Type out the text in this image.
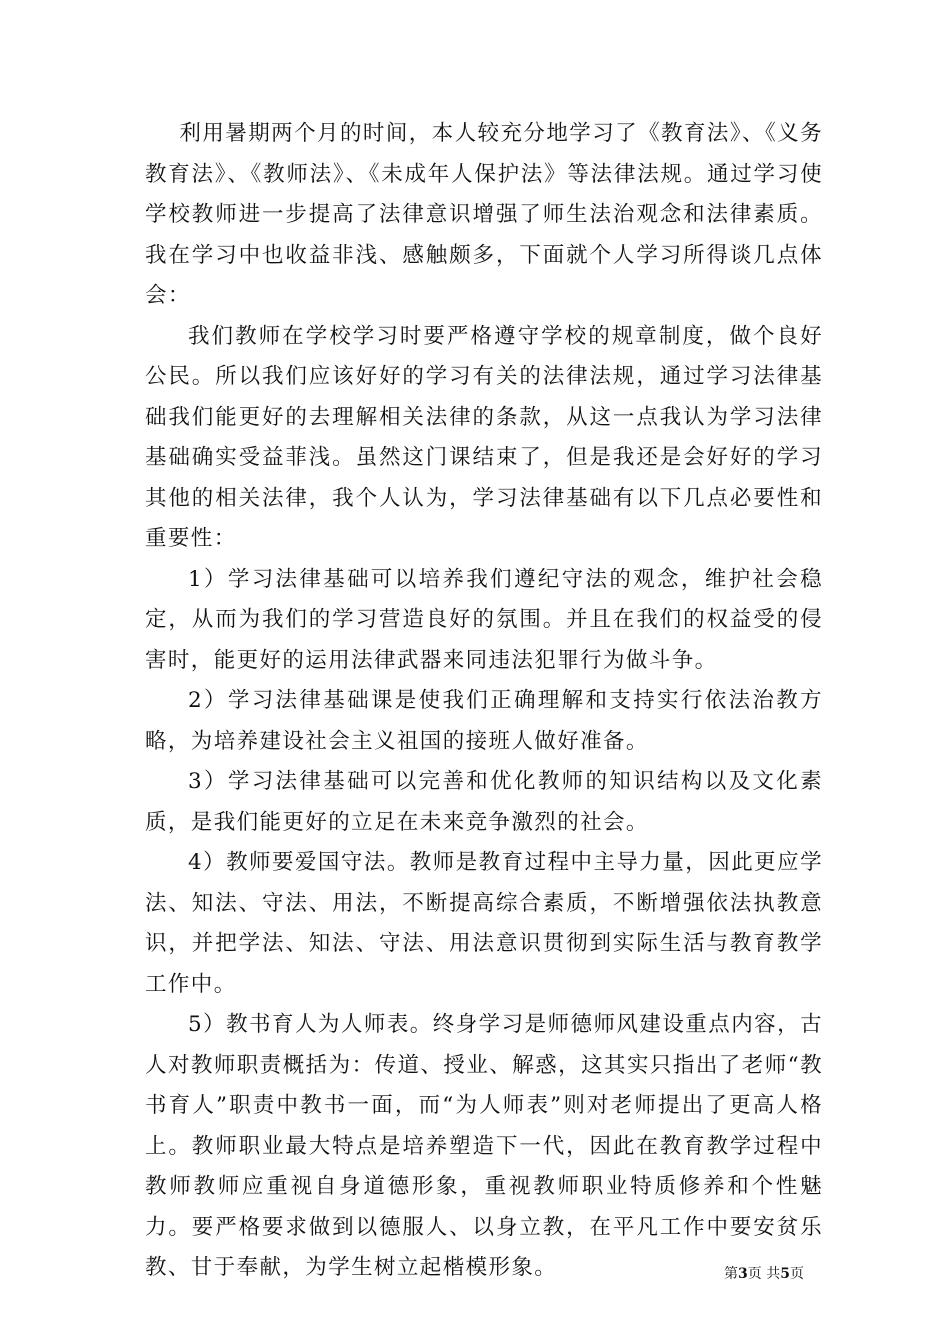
利用暑期两个月的时间，本人较充分地学习了《教育法》、《义务教育法》、《教师法》、《未成年人保护法》等法律法规。通过学习使学校教师进一步提高了法律意识增强了师生法治观念和法律素质。我在学习中也收益非浅、感触颇多，下面就个人学习所得谈几点体会：

我们教师在学校学习时要严格遵守学校的规章制度，做个良好公民。所以我们应该好好的学习有关的法律法规，通过学习法律基础我们能更好的去理解相关法律的条款，从这一点我认为学习法律基础确实受益菲浅。虽然这门课结束了，但是我还是会好好的学习其他的相关法律，我个人认为，学习法律基础有以下几点必要性和重要性：

1）学习法律基础可以培养我们遵纪守法的观念，维护社会稳定，从而为我们的学习营造良好的氛围。并且在我们的权益受的侵害时，能更好的运用法律武器来同违法犯罪行为做斗争。

2）学习法律基础课是使我们正确理解和支持实行依法治教方略，为培养建设社会主义祖国的接班人做好准备。

3）学习法律基础可以完善和优化教师的知识结构以及文化素质，是我们能更好的立足在未来竞争激烈的社会。

4）教师要爱国守法。教师是教育过程中主导力量，因此更应学法、知法、守法、用法，不断提高综合素质，不断增强依法执教意识，并把学法、知法、守法、用法意识贯彻到实际生活与教育教学工作中。

5）教书育人为人师表。终身学习是师德师风建设重点内容，古人对教师职责概括为：传道、授业、解惑，这其实只指出了老师“教书育人”职责中教书一面，而“为人师表”则对老师提出了更高人格上。教师职业最大特点是培养塑造下一代，因此在教育教学过程中教师教师应重视自身道德形象，重视教师职业特质修养和个性魅力。要严格要求做到以德服人、以身立教，在平凡工作中要安贫乐教、甘于奉献，为学生树立起楷模形象。	第3页 共5页
